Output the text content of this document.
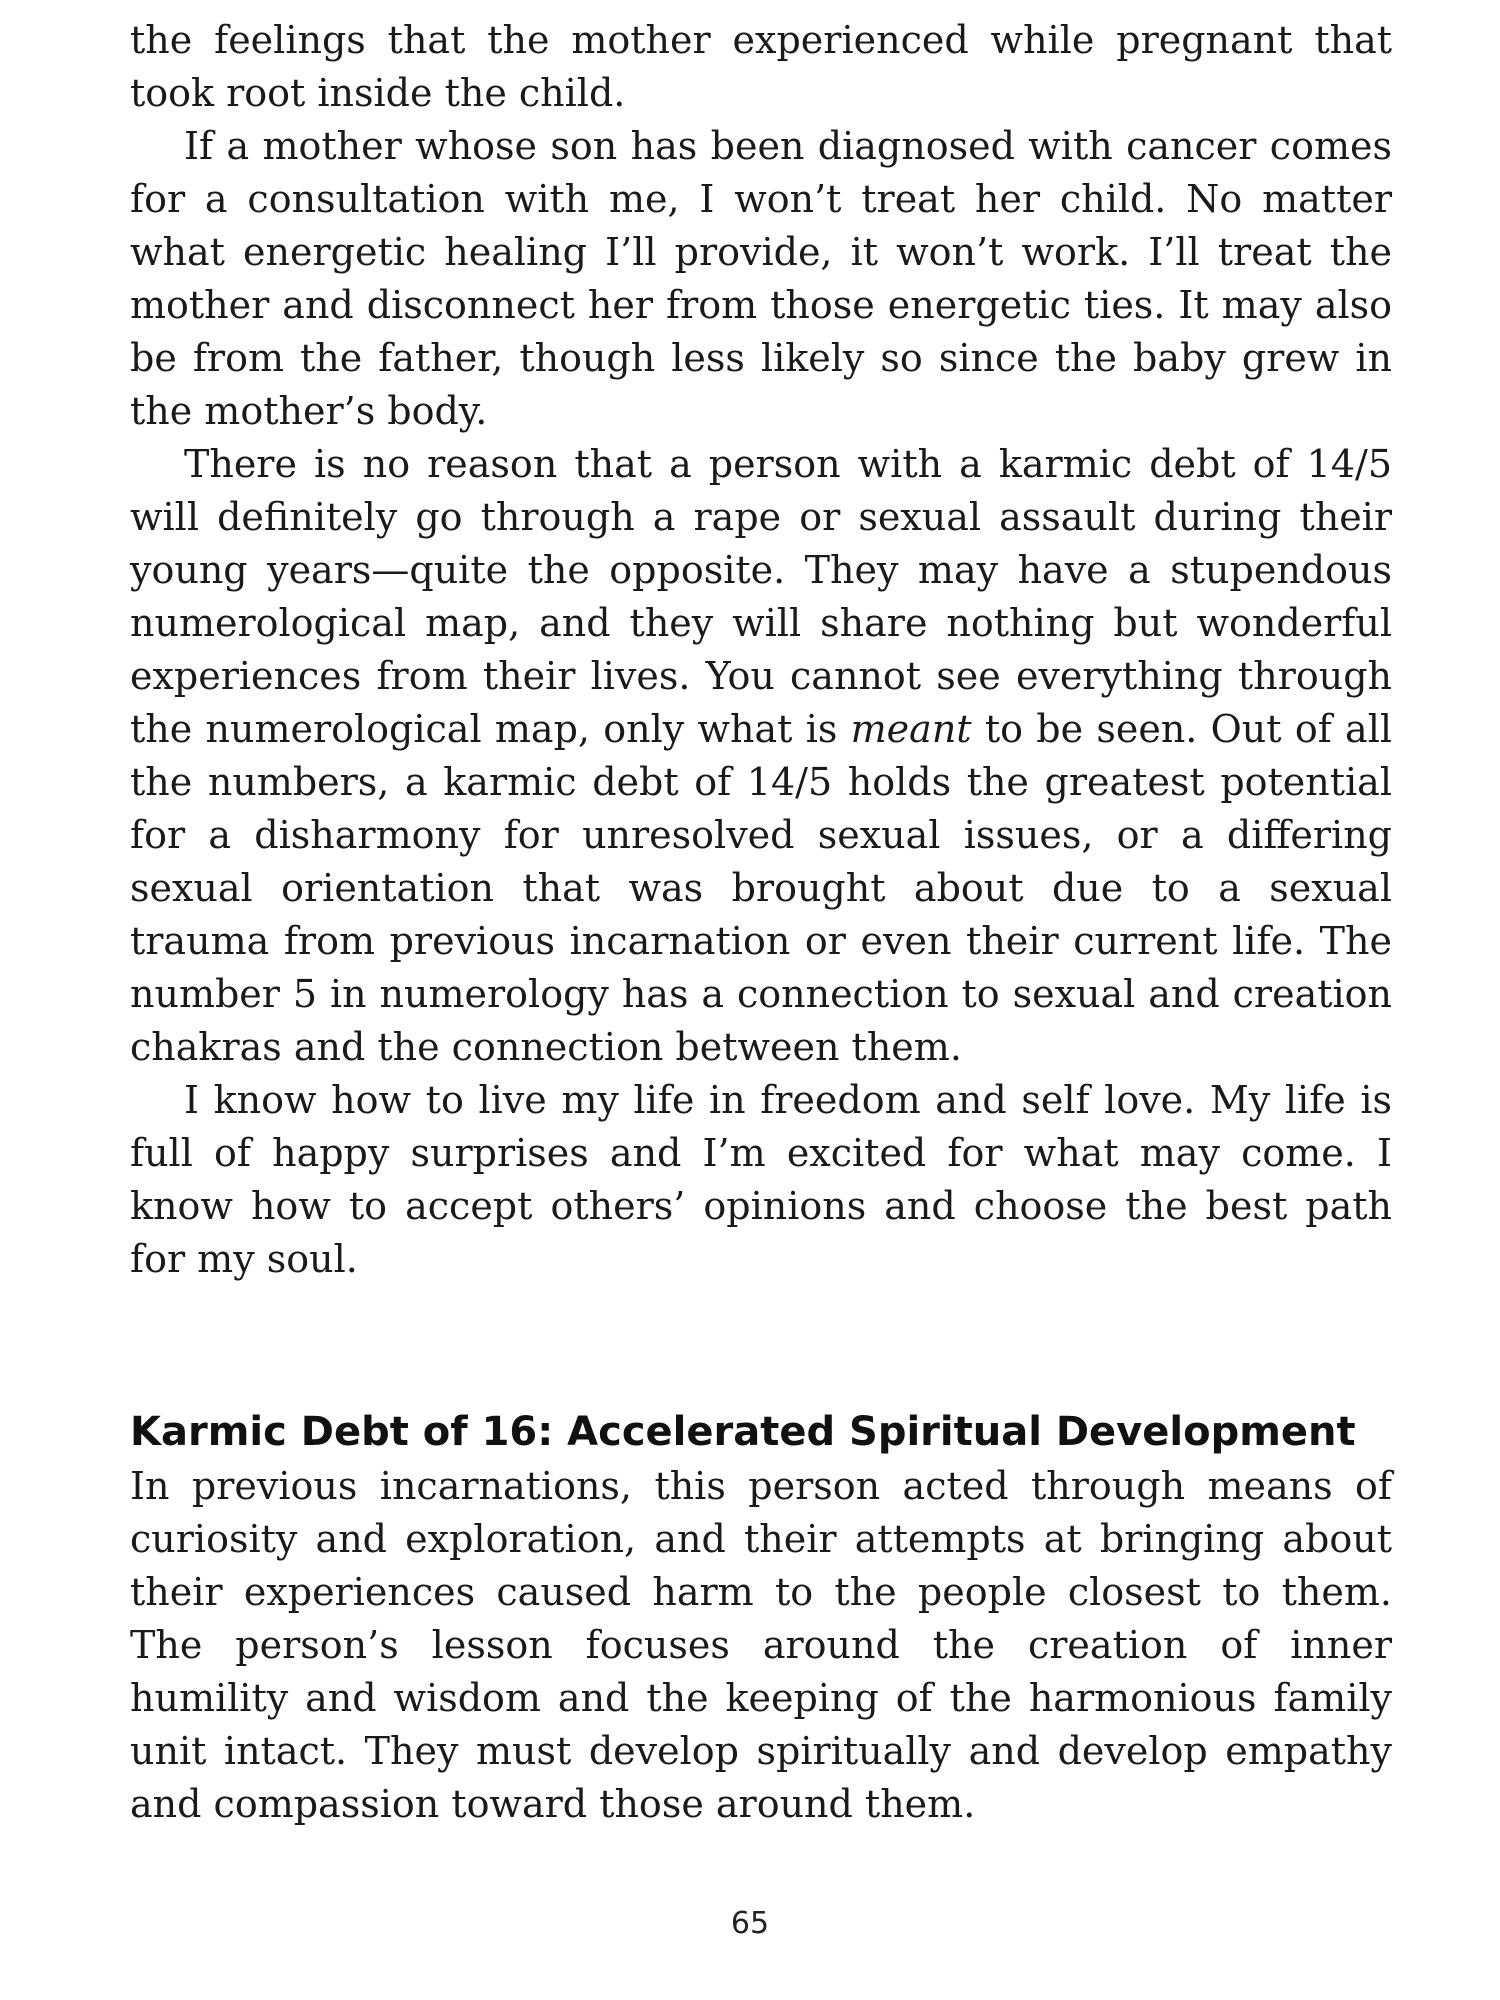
the feelings that the mother experienced while pregnant that took root inside the child.

If a mother whose son has been diagnosed with cancer comes for a consultation with me, I won’t treat her child. No matter what energetic healing I’ll provide, it won’t work. I’ll treat the mother and disconnect her from those energetic ties. It may also be from the father, though less likely so since the baby grew in the mother’s body.

There is no reason that a person with a karmic debt of 14/5 will definitely go through a rape or sexual assault during their young years—quite the opposite. They may have a stupendous numerological map, and they will share nothing but wonderful experiences from their lives. You cannot see everything through the numerological map, only what is meant to be seen. Out of all the numbers, a karmic debt of 14/5 holds the greatest potential for a disharmony for unresolved sexual issues, or a differing sexual orientation that was brought about due to a sexual trauma from previous incarnation or even their current life. The number 5 in numerology has a connection to sexual and creation chakras and the connection between them.

I know how to live my life in freedom and self love. My life is full of happy surprises and I’m excited for what may come. I know how to accept others’ opinions and choose the best path for my soul.

Karmic Debt of 16: Accelerated Spiritual Development

In previous incarnations, this person acted through means of curiosity and exploration, and their attempts at bringing about their experiences caused harm to the people closest to them. The person’s lesson focuses around the creation of inner humility and wisdom and the keeping of the harmonious family unit intact. They must develop spiritually and develop empathy and compassion toward those around them.

65
